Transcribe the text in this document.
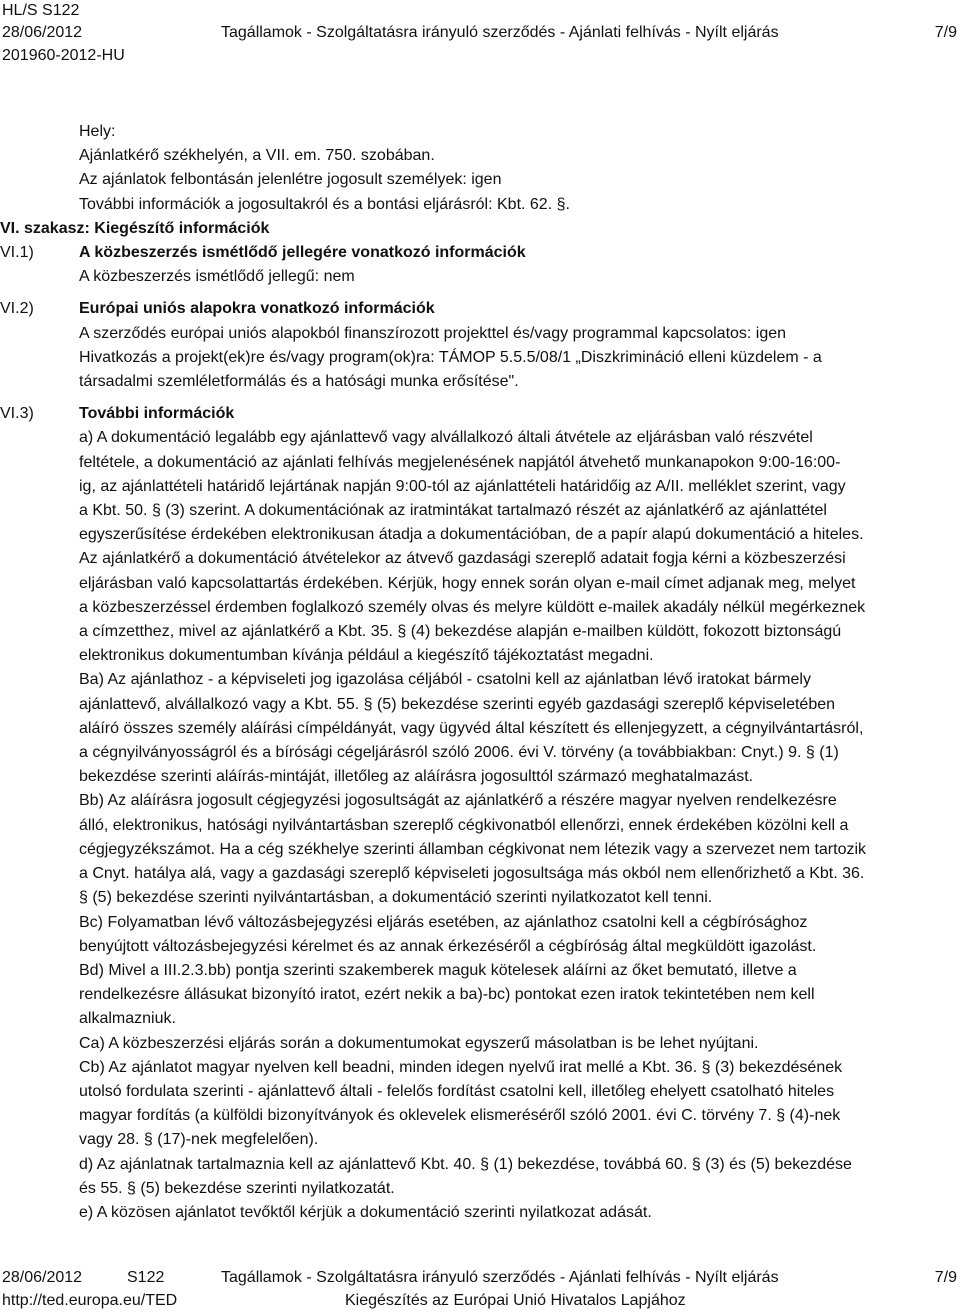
HL/S S122
28/06/2012
201960-2012-HU
Tagállamok - Szolgáltatásra irányuló szerződés - Ajánlati felhívás - Nyílt eljárás	7/9
Hely:
Ajánlatkérő székhelyén, a VII. em. 750. szobában.
Az ajánlatok felbontásán jelenlétre jogosult személyek: igen
További információk a jogosultakról és a bontási eljárásról: Kbt. 62. §.
VI. szakasz: Kiegészítő információk
VI.1)	A közbeszerzés ismétlődő jellegére vonatkozó információk
A közbeszerzés ismétlődő jellegű: nem
VI.2)	Európai uniós alapokra vonatkozó információk
A szerződés európai uniós alapokból finanszírozott projekttel és/vagy programmal kapcsolatos: igen
Hivatkozás a projekt(ek)re és/vagy program(ok)ra: TÁMOP 5.5.5/08/1 „Diszkrimináció elleni küzdelem - a
társadalmi szemléletformálás és a hatósági munka erősítése".
VI.3)	További információk
a) A dokumentáció legalább egy ajánlattevő vagy alvállalkozó általi átvétele az eljárásban való részvétel
feltétele, a dokumentáció az ajánlati felhívás megjelenésének napjától átvehető munkanapokon 9:00-16:00-
ig, az ajánlattételi határidő lejártának napján 9:00-tól az ajánlattételi határidőig az A/II. melléklet szerint, vagy
a Kbt. 50. § (3) szerint. A dokumentációnak az iratmintákat tartalmazó részét az ajánlatkérő az ajánlattétel
egyszerűsítése érdekében elektronikusan átadja a dokumentációban, de a papír alapú dokumentáció a hiteles.
Az ajánlatkérő a dokumentáció átvételekor az átvevő gazdasági szereplő adatait fogja kérni a közbeszerzési
eljárásban való kapcsolattartás érdekében. Kérjük, hogy ennek során olyan e-mail címet adjanak meg, melyet
a közbeszerzéssel érdemben foglalkozó személy olvas és melyre küldött e-mailek akadály nélkül megérkeznek
a címzetthez, mivel az ajánlatkérő a Kbt. 35. § (4) bekezdése alapján e-mailben küldött, fokozott biztonságú
elektronikus dokumentumban kívánja például a kiegészítő tájékoztatást megadni.
Ba) Az ajánlathoz - a képviseleti jog igazolása céljából - csatolni kell az ajánlatban lévő iratokat bármely
ajánlattevő, alvállalkozó vagy a Kbt. 55. § (5) bekezdése szerinti egyéb gazdasági szereplő képviseletében
aláíró összes személy aláírási címpéldányát, vagy ügyvéd által készített és ellenjegyzett, a cégnyilvántartásról,
a cégnyilványosságról és a bírósági cégeljárásról szóló 2006. évi V. törvény (a továbbiakban: Cnyt.) 9. § (1)
bekezdése szerinti aláírás-mintáját, illetőleg az aláírásra jogosulttól származó meghatalmazást.
Bb) Az aláírásra jogosult cégjegyzési jogosultságát az ajánlatkérő a részére magyar nyelven rendelkezésre
álló, elektronikus, hatósági nyilvántartásban szereplő cégkivonatból ellenőrzi, ennek érdekében közölni kell a
cégjegyzékszámot. Ha a cég székhelye szerinti államban cégkivonat nem létezik vagy a szervezet nem tartozik
a Cnyt. hatálya alá, vagy a gazdasági szereplő képviseleti jogosultsága más okból nem ellenőrizhető a Kbt. 36.
§ (5) bekezdése szerinti nyilvántartásban, a dokumentáció szerinti nyilatkozatot kell tenni.
Bc) Folyamatban lévő változásbejegyzési eljárás esetében, az ajánlathoz csatolni kell a cégbírósághoz
benyújtott változásbejegyzési kérelmet és az annak érkezéséről a cégbíróság által megküldött igazolást.
Bd) Mivel a III.2.3.bb) pontja szerinti szakemberek maguk kötelesek aláírni az őket bemutató, illetve a
rendelkezésre állásukat bizonyító iratot, ezért nekik a ba)-bc) pontokat ezen iratok tekintetében nem kell
alkalmazniuk.
Ca) A közbeszerzési eljárás során a dokumentumokat egyszerű másolatban is be lehet nyújtani.
Cb) Az ajánlatot magyar nyelven kell beadni, minden idegen nyelvű irat mellé a Kbt. 36. § (3) bekezdésének
utolsó fordulata szerinti - ajánlattevő általi - felelős fordítást csatolni kell, illetőleg ehelyett csatolható hiteles
magyar fordítás (a külföldi bizonyítványok és oklevelek elismeréséről szóló 2001. évi C. törvény 7. § (4)-nek
vagy 28. § (17)-nek megfelelően).
d) Az ajánlatnak tartalmaznia kell az ajánlattevő Kbt. 40. § (1) bekezdése, továbbá 60. § (3) és (5) bekezdése
és 55. § (5) bekezdése szerinti nyilatkozatát.
e) A közösen ajánlatot tevőktől kérjük a dokumentáció szerinti nyilatkozat adását.
28/06/2012	S122	Tagállamok - Szolgáltatásra irányuló szerződés - Ajánlati felhívás - Nyílt eljárás	7/9
http://ted.europa.eu/TED	Kiegészítés az Európai Unió Hivatalos Lapjához
